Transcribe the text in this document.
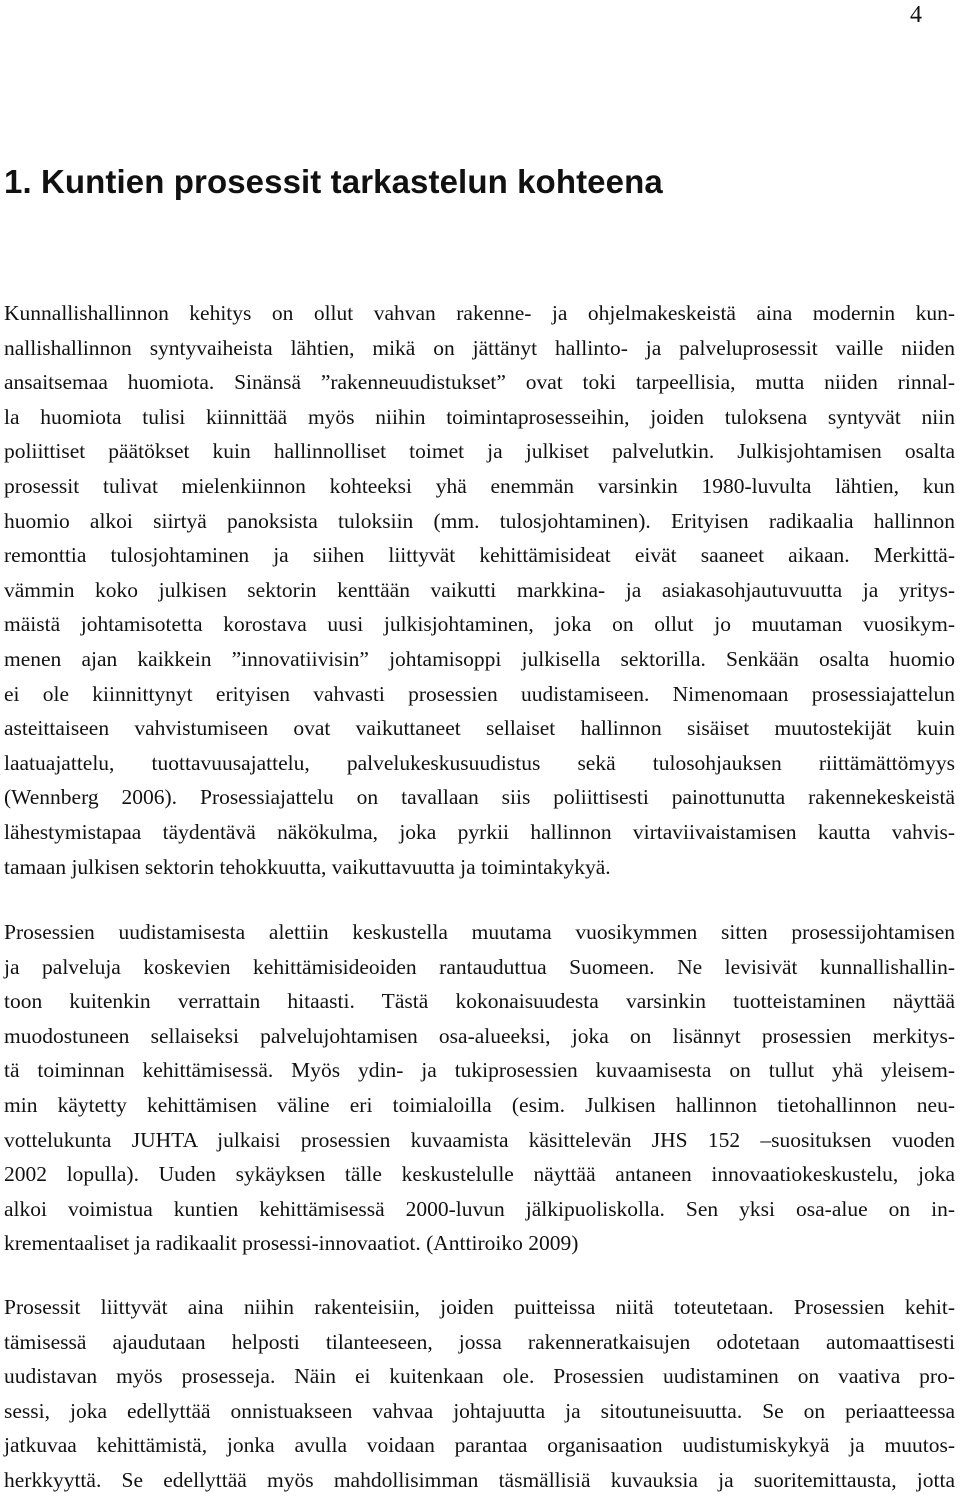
4
1. Kuntien prosessit tarkastelun kohteena
Kunnallishallinnon kehitys on ollut vahvan rakenne- ja ohjelmakeskeistä aina modernin kun-
nallishallinnon syntyvaiheista lähtien, mikä on jättänyt hallinto- ja palveluprosessit vaille niiden
ansaitsemaa huomiota. Sinänsä ”rakenneuudistukset” ovat toki tarpeellisia, mutta niiden rinnal-
la huomiota tulisi kiinnittää myös niihin toimintaprosesseihin, joiden tuloksena syntyvät niin
poliittiset päätökset kuin hallinnolliset toimet ja julkiset palvelutkin. Julkisjohtamisen osalta
prosessit tulivat mielenkiinnon kohteeksi yhä enemmän varsinkin 1980-luvulta lähtien, kun
huomio alkoi siirtyä panoksista tuloksiin (mm. tulosjohtaminen). Erityisen radikaalia hallinnon
remonttia tulosjohtaminen ja siihen liittyvät kehittämisideat eivät saaneet aikaan. Merkittä-
vämmin koko julkisen sektorin kenttään vaikutti markkina- ja asiakasohjautuvuutta ja yritys-
mäistä johtamisotetta korostava uusi julkisjohtaminen, joka on ollut jo muutaman vuosikym-
menen ajan kaikkein ”innovatiivisin” johtamisoppi julkisella sektorilla. Senkään osalta huomio
ei ole kiinnittynyt erityisen vahvasti prosessien uudistamiseen. Nimenomaan prosessiajattelun
asteittaiseen vahvistumiseen ovat vaikuttaneet sellaiset hallinnon sisäiset muutostekijät kuin
laatuajattelu, tuottavuusajattelu, palvelukeskusuudistus sekä tulosohjauksen riittämättömyys
(Wennberg 2006). Prosessiajattelu on tavallaan siis poliittisesti painottunutta rakennekeskeistä
lähestymistapaa täydentävä näkökulma, joka pyrkii hallinnon virtaviivaistamisen kautta vahvis-
tamaan julkisen sektorin tehokkuutta, vaikuttavuutta ja toimintakykyä.
Prosessien uudistamisesta alettiin keskustella muutama vuosikymmen sitten prosessijohtamisen
ja palveluja koskevien kehittämisideoiden rantauduttua Suomeen. Ne levisivät kunnallishallin-
toon kuitenkin verrattain hitaasti. Tästä kokonaisuudesta varsinkin tuotteistaminen näyttää
muodostuneen sellaiseksi palvelujohtamisen osa-alueeksi, joka on lisännyt prosessien merkitys-
tä toiminnan kehittämisessä. Myös ydin- ja tukiprosessien kuvaamisesta on tullut yhä yleisem-
min käytetty kehittämisen väline eri toimialoilla (esim. Julkisen hallinnon tietohallinnon neu-
vottelukunta JUHTA julkaisi prosessien kuvaamista käsittelevän JHS 152 –suosituksen vuoden
2002 lopulla). Uuden sykäyksen tälle keskustelulle näyttää antaneen innovaatiokeskustelu, joka
alkoi voimistua kuntien kehittämisessä 2000-luvun jälkipuoliskolla. Sen yksi osa-alue on in-
krementaaliset ja radikaalit prosessi-innovaatiot. (Anttiroiko 2009)
Prosessit liittyvät aina niihin rakenteisiin, joiden puitteissa niitä toteutetaan. Prosessien kehit-
tämisessä ajaudutaan helposti tilanteeseen, jossa rakenneratkaisujen odotetaan automaattisesti
uudistavan myös prosesseja. Näin ei kuitenkaan ole. Prosessien uudistaminen on vaativa pro-
sessi, joka edellyttää onnistuakseen vahvaa johtajuutta ja sitoutuneisuutta. Se on periaatteessa
jatkuvaa kehittämistä, jonka avulla voidaan parantaa organisaation uudistumiskykyä ja muutos-
herkkyyttä. Se edellyttää myös mahdollisimman täsmällisiä kuvauksia ja suoritemittausta, jotta
